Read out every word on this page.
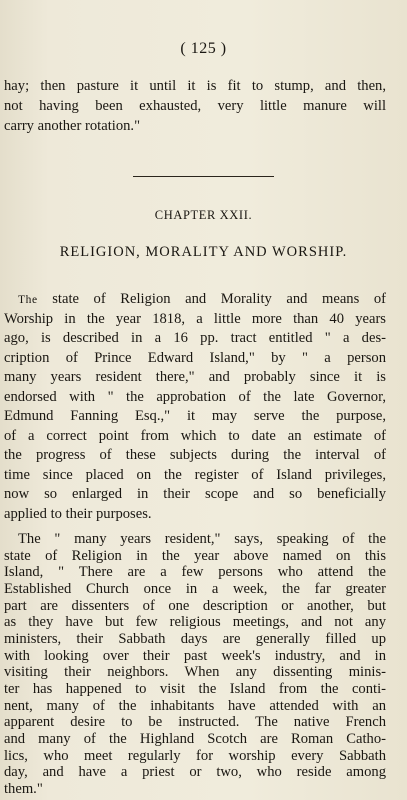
( 125 )
hay; then pasture it until it is fit to stump, and then,
not having been exhausted, very little manure will
carry another rotation."
CHAPTER XXII.
RELIGION, MORALITY AND WORSHIP.
The state of Religion and Morality and means of
Worship in the year 1818, a little more than 40 years
ago, is described in a 16 pp. tract entitled " a des-
cription of Prince Edward Island," by " a person
many years resident there," and probably since it is
endorsed with " the approbation of the late Governor,
Edmund Fanning Esq.," it may serve the purpose,
of a correct point from which to date an estimate of
the progress of these subjects during the interval of
time since placed on the register of Island privileges,
now so enlarged in their scope and so beneficially
applied to their purposes.
The " many years resident," says, speaking of the
state of Religion in the year above named on this
Island, " There are a few persons who attend the
Established Church once in a week, the far greater
part are dissenters of one description or another, but
as they have but few religious meetings, and not any
ministers, their Sabbath days are generally filled up
with looking over their past week's industry, and in
visiting their neighbors. When any dissenting minis-
ter has happened to visit the Island from the conti-
nent, many of the inhabitants have attended with an
apparent desire to be instructed. The native French
and many of the Highland Scotch are Roman Catho-
lics, who meet regularly for worship every Sabbath
day, and have a priest or two, who reside among
them."
